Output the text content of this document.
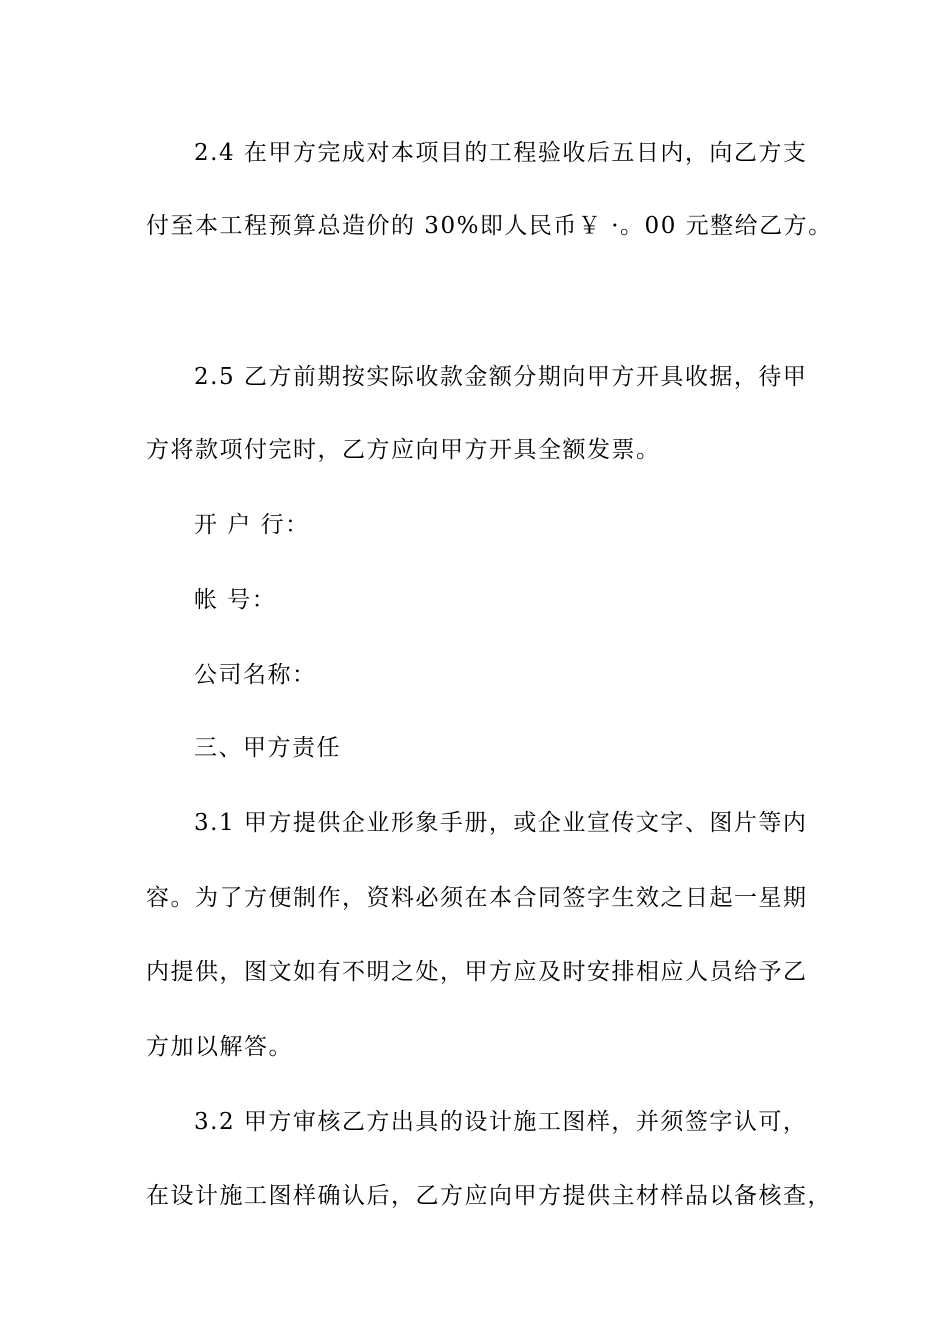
2.4 在甲方完成对本项目的工程验收后五日内，向乙方支
付至本工程预算总造价的 30%即人民币￥ ·。00 元整给乙方。
2.5 乙方前期按实际收款金额分期向甲方开具收据，待甲
方将款项付完时，乙方应向甲方开具全额发票。
开 户 行：
帐 号：
公司名称：
三、甲方责任
3.1 甲方提供企业形象手册，或企业宣传文字、图片等内
容。为了方便制作，资料必须在本合同签字生效之日起一星期
内提供，图文如有不明之处，甲方应及时安排相应人员给予乙
方加以解答。
3.2 甲方审核乙方出具的设计施工图样，并须签字认可，
在设计施工图样确认后，乙方应向甲方提供主材样品以备核查，
